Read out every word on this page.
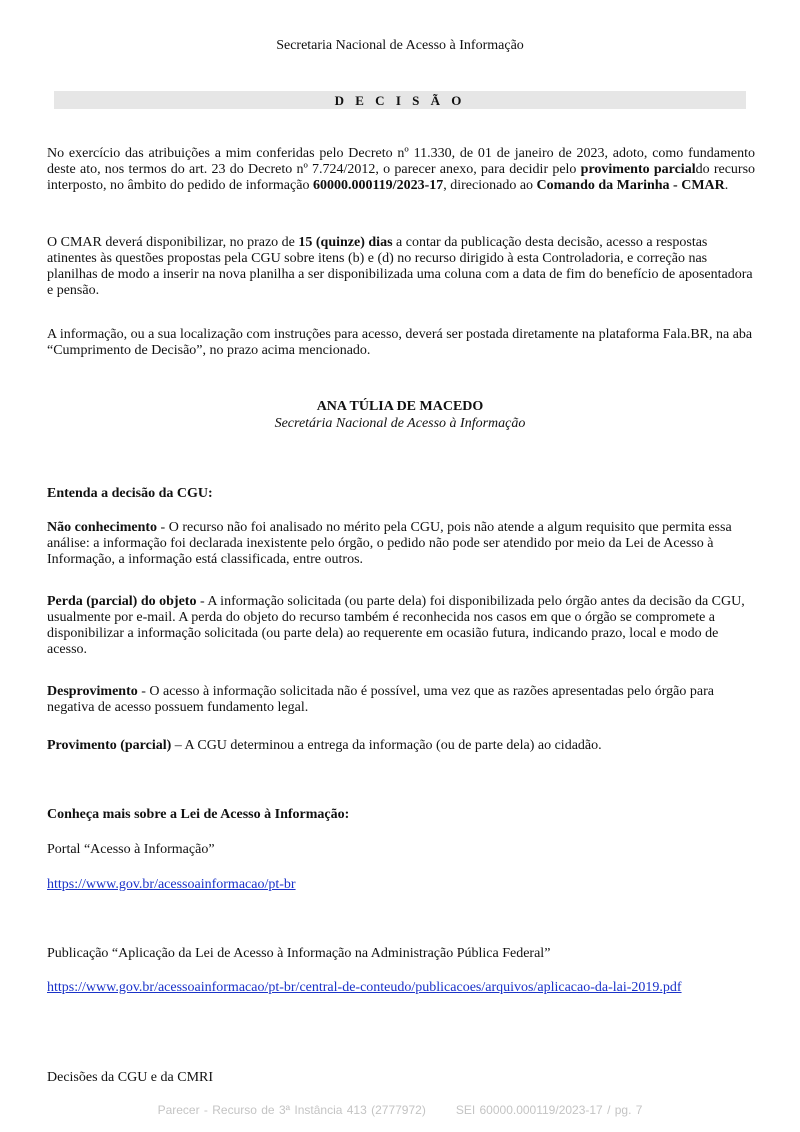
Secretaria Nacional de Acesso à Informação
D E C I S Ã O

No exercício das atribuições a mim conferidas pelo Decreto nº 11.330, de 01 de janeiro de 2023, adoto, como fundamento deste ato, nos termos do art. 23 do Decreto nº 7.724/2012, o parecer anexo, para decidir pelo provimento parcialdo recurso interposto, no âmbito do pedido de informação 60000.000119/2023-17, direcionado ao Comando da Marinha - CMAR.

O CMAR deverá disponibilizar, no prazo de 15 (quinze) dias a contar da publicação desta decisão, acesso a respostas atinentes às questões propostas pela CGU sobre itens (b) e (d) no recurso dirigido à esta Controladoria, e correção nas planilhas de modo a inserir na nova planilha a ser disponibilizada uma coluna com a data de fim do benefício de aposentadora e pensão.

A informação, ou a sua localização com instruções para acesso, deverá ser postada diretamente na plataforma Fala.BR, na aba “Cumprimento de Decisão”, no prazo acima mencionado.

ANA TÚLIA DE MACEDO
Secretária Nacional de Acesso à Informação

Entenda a decisão da CGU:

Não conhecimento - O recurso não foi analisado no mérito pela CGU, pois não atende a algum requisito que permita essa análise: a informação foi declarada inexistente pelo órgão, o pedido não pode ser atendido por meio da Lei de Acesso à Informação, a informação está classificada, entre outros.

Perda (parcial) do objeto - A informação solicitada (ou parte dela) foi disponibilizada pelo órgão antes da decisão da CGU, usualmente por e-mail. A perda do objeto do recurso também é reconhecida nos casos em que o órgão se compromete a disponibilizar a informação solicitada (ou parte dela) ao requerente em ocasião futura, indicando prazo, local e modo de acesso.

Desprovimento - O acesso à informação solicitada não é possível, uma vez que as razões apresentadas pelo órgão para negativa de acesso possuem fundamento legal.

Provimento (parcial) – A CGU determinou a entrega da informação (ou de parte dela) ao cidadão.

Conheça mais sobre a Lei de Acesso à Informação:

Portal “Acesso à Informação”

https://www.gov.br/acessoainformacao/pt-br

Publicação “Aplicação da Lei de Acesso à Informação na Administração Pública Federal”

https://www.gov.br/acessoainformacao/pt-br/central-de-conteudo/publicacoes/arquivos/aplicacao-da-lai-2019.pdf

Decisões da CGU e da CMRI

Parecer - Recurso de 3ª Instância 413 (2777972)	SEI 60000.000119/2023-17 / pg. 7
